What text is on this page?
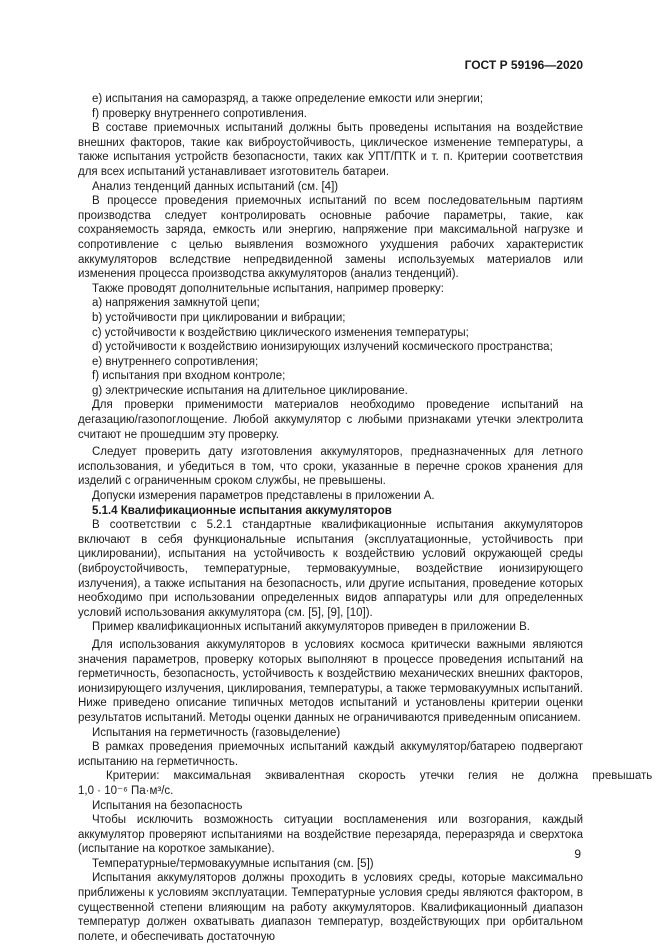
ГОСТ Р 59196—2020
e) испытания на саморазряд, а также определение емкости или энергии;
f) проверку внутреннего сопротивления.
В составе приемочных испытаний должны быть проведены испытания на воздействие внешних факторов, такие как виброустойчивость, циклическое изменение температуры, а также испытания устройств безопасности, таких как УПТ/ПТК и т. п. Критерии соответствия для всех испытаний устанавливает изготовитель батареи.
Анализ тенденций данных испытаний (см. [4])
В процессе проведения приемочных испытаний по всем последовательным партиям производства следует контролировать основные рабочие параметры, такие, как сохраняемость заряда, емкость или энергию, напряжение при максимальной нагрузке и сопротивление с целью выявления возможного ухудшения рабочих характеристик аккумуляторов вследствие непредвиденной замены используемых материалов или изменения процесса производства аккумуляторов (анализ тенденций).
Также проводят дополнительные испытания, например проверку:
a) напряжения замкнутой цепи;
b) устойчивости при циклировании и вибрации;
c) устойчивости к воздействию циклического изменения температуры;
d) устойчивости к воздействию ионизирующих излучений космического пространства;
e) внутреннего сопротивления;
f) испытания при входном контроле;
g) электрические испытания на длительное циклирование.
Для проверки применимости материалов необходимо проведение испытаний на дегазацию/газопоглощение. Любой аккумулятор с любыми признаками утечки электролита считают не прошедшим эту проверку.
Следует проверить дату изготовления аккумуляторов, предназначенных для летного использования, и убедиться в том, что сроки, указанные в перечне сроков хранения для изделий с ограниченным сроком службы, не превышены.
Допуски измерения параметров представлены в приложении А.
5.1.4 Квалификационные испытания аккумуляторов
В соответствии с 5.2.1 стандартные квалификационные испытания аккумуляторов включают в себя функциональные испытания (эксплуатационные, устойчивость при циклировании), испытания на устойчивость к воздействию условий окружающей среды (виброустойчивость, температурные, термовакуумные, воздействие ионизирующего излучения), а также испытания на безопасность, или другие испытания, проведение которых необходимо при использовании определенных видов аппаратуры или для определенных условий использования аккумулятора (см. [5], [9], [10]).
Пример квалификационных испытаний аккумуляторов приведен в приложении В.
Для использования аккумуляторов в условиях космоса критически важными являются значения параметров, проверку которых выполняют в процессе проведения испытаний на герметичность, безопасность, устойчивость к воздействию механических внешних факторов, ионизирующего излучения, циклирования, температуры, а также термовакуумных испытаний. Ниже приведено описание типичных методов испытаний и установлены критерии оценки результатов испытаний. Методы оценки данных не ограничиваются приведенным описанием.
Испытания на герметичность (газовыделение)
В рамках проведения приемочных испытаний каждый аккумулятор/батарею подвергают испытанию на герметичность.
Критерии:	максимальная	эквивалентная	скорость	утечки	гелия	не	должна	превышать
1,0 · 10⁻⁶ Па·м³/с.
Испытания на безопасность
Чтобы исключить возможность ситуации воспламенения или возгорания, каждый аккумулятор проверяют испытаниями на воздействие перезаряда, переразряда и сверхтока (испытание на короткое замыкание).
Температурные/термовакуумные испытания (см. [5])
Испытания аккумуляторов должны проходить в условиях среды, которые максимально приближены к условиям эксплуатации. Температурные условия среды являются фактором, в существенной степени влияющим на работу аккумуляторов. Квалификационный диапазон температур должен охватывать диапазон температур, воздействующих при орбитальном полете, и обеспечивать достаточную
9
